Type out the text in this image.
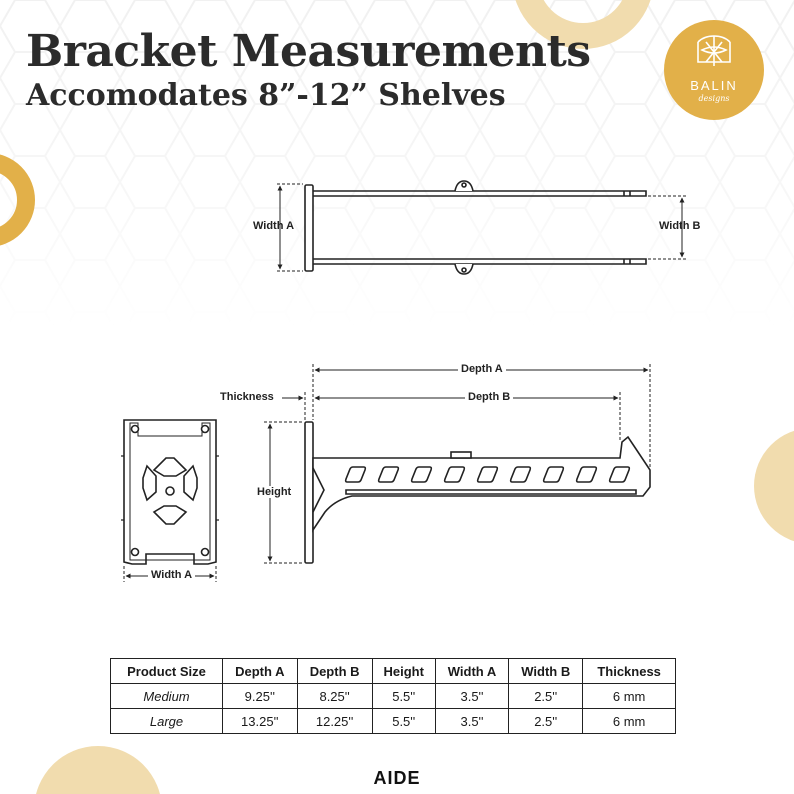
Bracket Measurements
Accomodates 8”-12” Shelves	BALIN
designs
Width A	Width B
Depth A
Depth B
Thickness
Height
Width A
Product Size	Depth A	Depth B	Height	Width A	Width B	Thickness
Medium	9.25''	8.25''	5.5''	3.5''	2.5''	6 mm
Large	13.25''	12.25''	5.5''	3.5''	2.5''	6 mm
AIDE
